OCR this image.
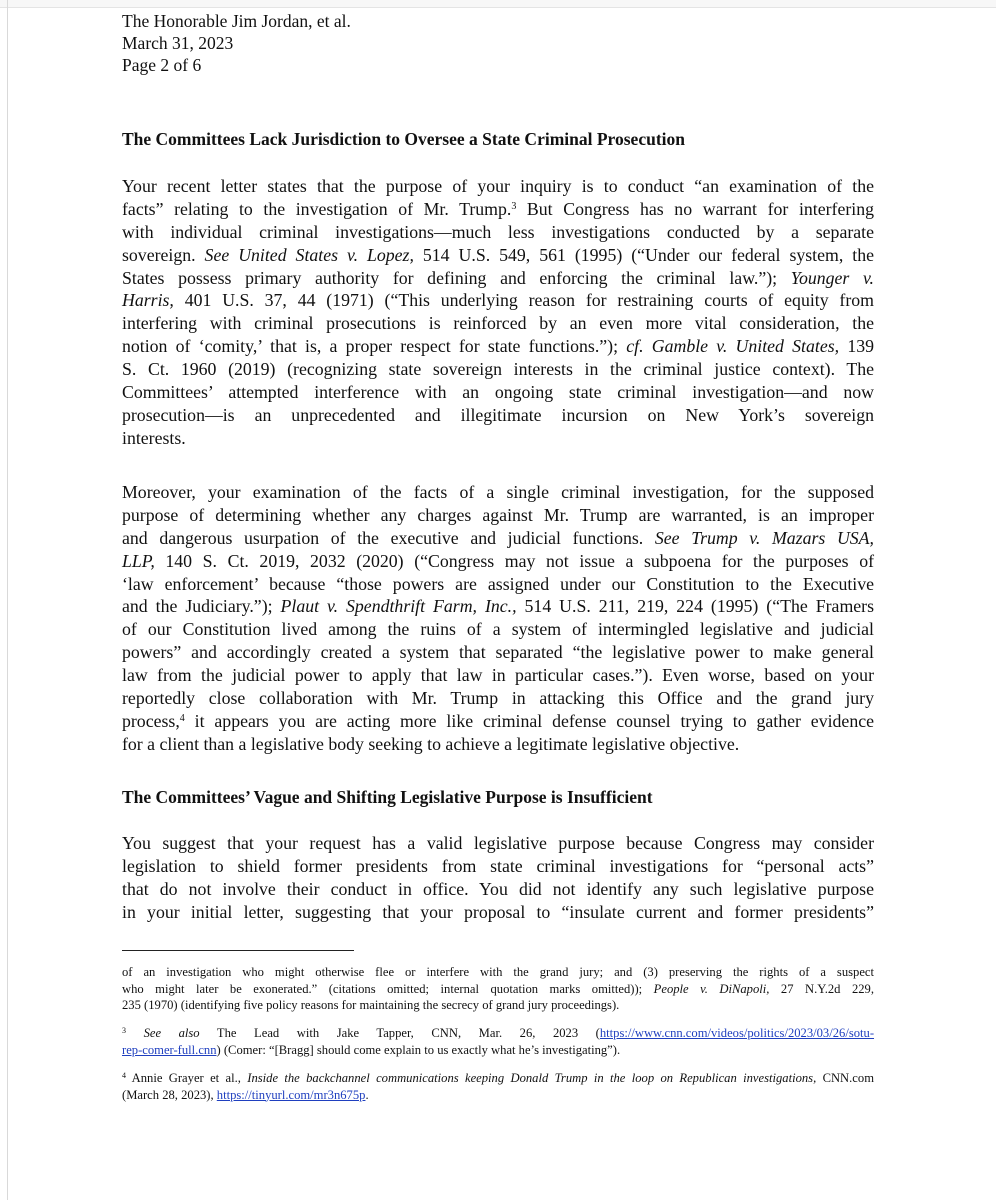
The Honorable Jim Jordan, et al.
March 31, 2023
Page 2 of 6
The Committees Lack Jurisdiction to Oversee a State Criminal Prosecution
Your recent letter states that the purpose of your inquiry is to conduct “an examination of the
facts” relating to the investigation of Mr. Trump.$^3$ But Congress has no warrant for interfering
with individual criminal investigations—much less investigations conducted by a separate
sovereign. See United States v. Lopez, 514 U.S. 549, 561 (1995) (“Under our federal system, the
States possess primary authority for defining and enforcing the criminal law.”); Younger v.
Harris, 401 U.S. 37, 44 (1971) (“This underlying reason for restraining courts of equity from
interfering with criminal prosecutions is reinforced by an even more vital consideration, the
notion of ‘comity,’ that is, a proper respect for state functions.”); cf. Gamble v. United States, 139
S. Ct. 1960 (2019) (recognizing state sovereign interests in the criminal justice context). The
Committees’ attempted interference with an ongoing state criminal investigation—and now
prosecution—is an unprecedented and illegitimate incursion on New York’s sovereign
interests.
Moreover, your examination of the facts of a single criminal investigation, for the supposed
purpose of determining whether any charges against Mr. Trump are warranted, is an improper
and dangerous usurpation of the executive and judicial functions. See Trump v. Mazars USA,
LLP, 140 S. Ct. 2019, 2032 (2020) (“Congress may not issue a subpoena for the purposes of
‘law enforcement’ because “those powers are assigned under our Constitution to the Executive
and the Judiciary.”); Plaut v. Spendthrift Farm, Inc., 514 U.S. 211, 219, 224 (1995) (“The Framers
of our Constitution lived among the ruins of a system of intermingled legislative and judicial
powers” and accordingly created a system that separated “the legislative power to make general
law from the judicial power to apply that law in particular cases.”). Even worse, based on your
reportedly close collaboration with Mr. Trump in attacking this Office and the grand jury
process,$^4$ it appears you are acting more like criminal defense counsel trying to gather evidence
for a client than a legislative body seeking to achieve a legitimate legislative objective.
The Committees’ Vague and Shifting Legislative Purpose is Insufficient
You suggest that your request has a valid legislative purpose because Congress may consider
legislation to shield former presidents from state criminal investigations for “personal acts”
that do not involve their conduct in office. You did not identify any such legislative purpose
in your initial letter, suggesting that your proposal to “insulate current and former presidents”
of an investigation who might otherwise flee or interfere with the grand jury; and (3) preserving the rights of a suspect
who might later be exonerated.” (citations omitted; internal quotation marks omitted)); People v. DiNapoli, 27 N.Y.2d 229,
235 (1970) (identifying five policy reasons for maintaining the secrecy of grand jury proceedings).
$^3$ See also The Lead with Jake Tapper, CNN, Mar. 26, 2023 (https://www.cnn.com/videos/politics/2023/03/26/sotu-
rep-comer-full.cnn) (Comer: “[Bragg] should come explain to us exactly what he’s investigating”).
$^4$ Annie Grayer et al., Inside the backchannel communications keeping Donald Trump in the loop on Republican investigations, CNN.com
(March 28, 2023), https://tinyurl.com/mr3n675p.
